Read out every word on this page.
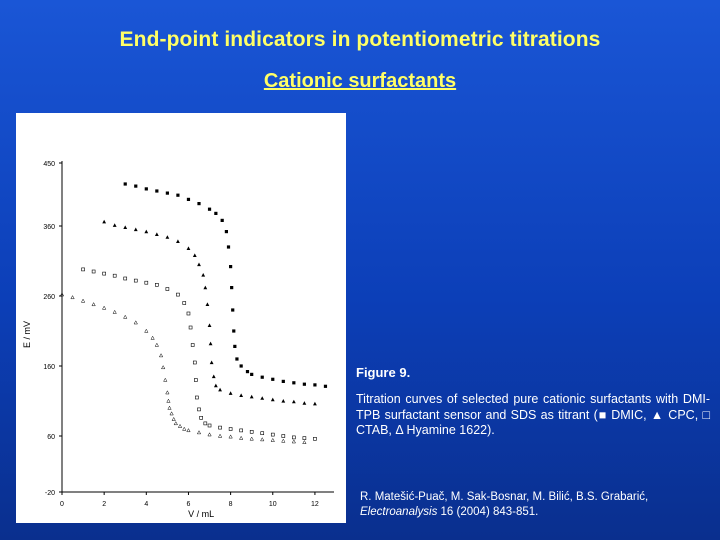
End-point indicators in potentiometric titrations
Cationic surfactants
450
360
260
160
60
-20
0	2	4	6	8	10	12
V / mL
E / mV
Figure 9.
Titration curves of selected pure cationic surfactants with DMI-TPB surfactant sensor and SDS as titrant (■ DMIC, ▲ CPC, □ CTAB, Δ Hyamine 1622).
R. Matešić-Puač, M. Sak-Bosnar, M. Bilić, B.S. Grabarić,
Electroanalysis 16 (2004) 843-851.
